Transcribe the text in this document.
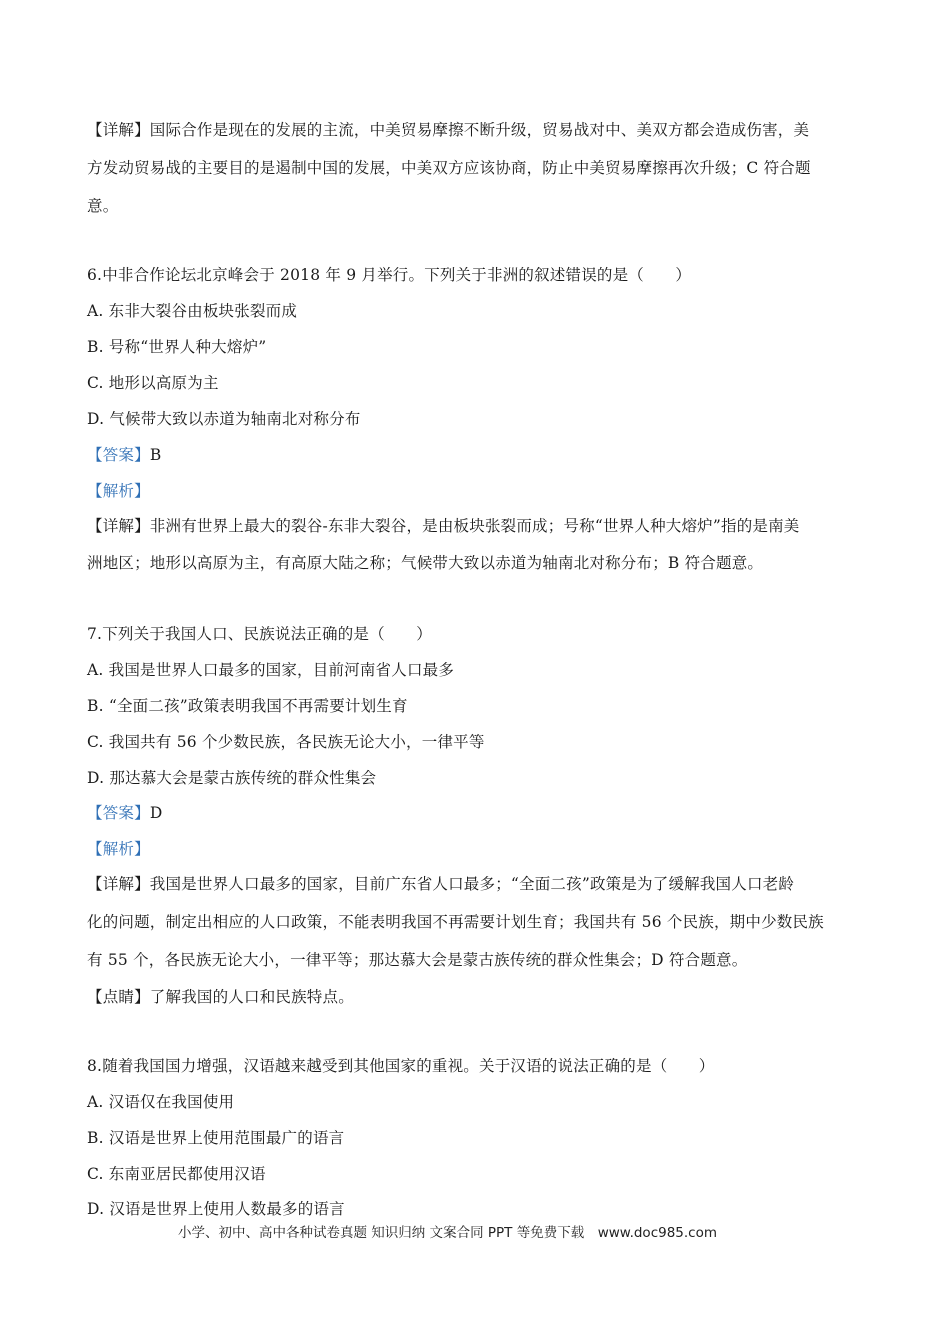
【详解】国际合作是现在的发展的主流，中美贸易摩擦不断升级，贸易战对中、美双方都会造成伤害，美
方发动贸易战的主要目的是遏制中国的发展，中美双方应该协商，防止中美贸易摩擦再次升级；C 符合题
意。
6.中非合作论坛北京峰会于 2018 年 9 月举行。下列关于非洲的叙述错误的是（　　）
A. 东非大裂谷由板块张裂而成
B. 号称“世界人种大熔炉”
C. 地形以高原为主
D. 气候带大致以赤道为轴南北对称分布
【答案】B
【解析】
【详解】非洲有世界上最大的裂谷-东非大裂谷，是由板块张裂而成；号称“世界人种大熔炉”指的是南美
洲地区；地形以高原为主，有高原大陆之称；气候带大致以赤道为轴南北对称分布；B 符合题意。
7.下列关于我国人口、民族说法正确的是（　　）
A. 我国是世界人口最多的国家，目前河南省人口最多
B. “全面二孩”政策表明我国不再需要计划生育
C. 我国共有 56 个少数民族，各民族无论大小，一律平等
D. 那达慕大会是蒙古族传统的群众性集会
【答案】D
【解析】
【详解】我国是世界人口最多的国家，目前广东省人口最多；“全面二孩”政策是为了缓解我国人口老龄
化的问题，制定出相应的人口政策，不能表明我国不再需要计划生育；我国共有 56 个民族，期中少数民族
有 55 个，各民族无论大小，一律平等；那达慕大会是蒙古族传统的群众性集会；D 符合题意。
【点睛】了解我国的人口和民族特点。
8.随着我国国力增强，汉语越来越受到其他国家的重视。关于汉语的说法正确的是（　　）
A. 汉语仅在我国使用
B. 汉语是世界上使用范围最广的语言
C. 东南亚居民都使用汉语
D. 汉语是世界上使用人数最多的语言
小学、初中、高中各种试卷真题 知识归纳 文案合同 PPT 等免费下载　www.doc985.com
